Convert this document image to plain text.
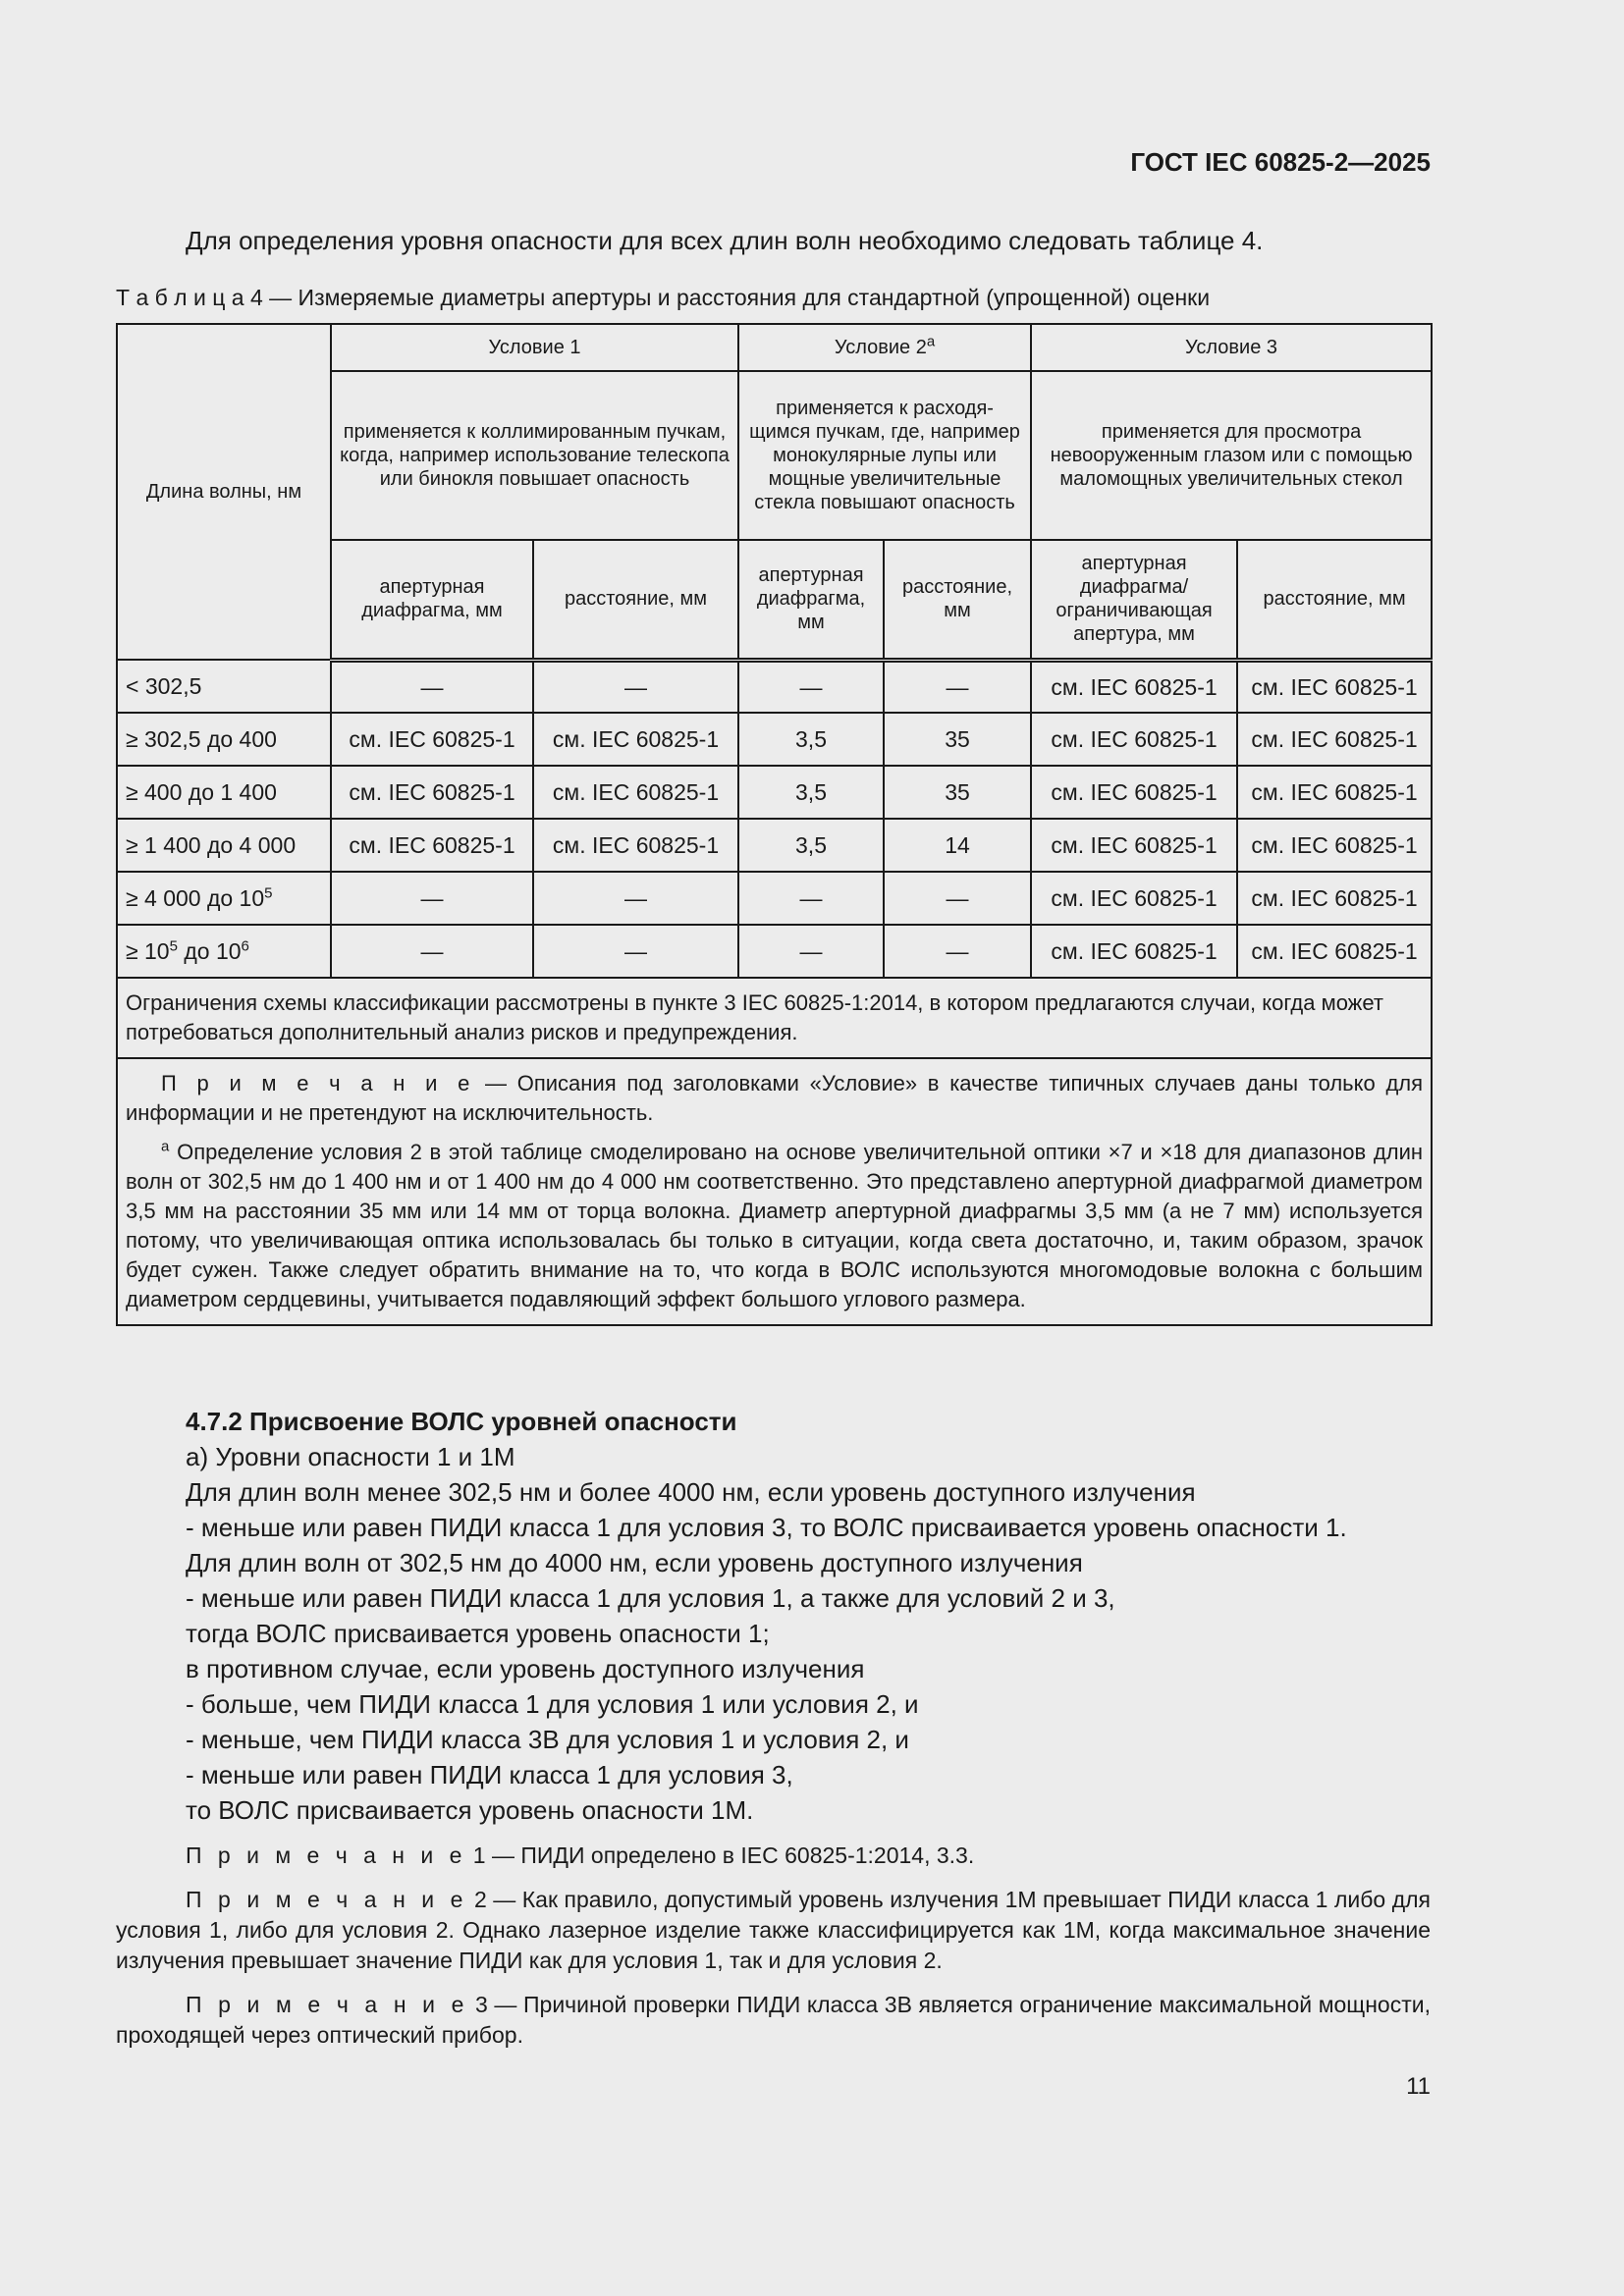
ГОСТ IEC 60825-2—2025
Для определения уровня опасности для всех длин волн необходимо следовать таблице 4.
Т а б л и ц а 4 — Измеряемые диаметры апертуры и расстояния для стандартной (упрощенной) оценки
Длина волны, нм	Условие 1		Условие 2$^a$		Условие 3	
	применяется к коллимированным пучкам, когда, например использование телескопа или бинокля повышает опасность		применяется к расходя-щимся пучкам, где, например монокулярные лупы или мощные увеличительные стекла повышают опасность		применяется для просмотра невооруженным глазом или с помощью маломощных увеличительных стекол	
	апертурная диафрагма, мм	расстояние, мм	апертурная диафрагма, мм	расстояние, мм	апертурная диафрагма/ ограничивающая апертура, мм	расстояние, мм
< 302,5	—	—	—	—	см. IEC 60825-1	см. IEC 60825-1
≥ 302,5 до 400	см. IEC 60825-1	см. IEC 60825-1	3,5	35	см. IEC 60825-1	см. IEC 60825-1
≥ 400 до 1 400	см. IEC 60825-1	см. IEC 60825-1	3,5	35	см. IEC 60825-1	см. IEC 60825-1
≥ 1 400 до 4 000	см. IEC 60825-1	см. IEC 60825-1	3,5	14	см. IEC 60825-1	см. IEC 60825-1
≥ 4 000 до $10^5$	—	—	—	—	см. IEC 60825-1	см. IEC 60825-1
≥ $10^5$ до $10^6$	—	—	—	—	см. IEC 60825-1	см. IEC 60825-1
Ограничения схемы классификации рассмотрены в пункте 3 IEC 60825-1:2014, в котором предлагаются случаи, когда может потребоваться дополнительный анализ рисков и предупреждения.						

П р и м е ч а н и е — Описания под заголовками «Условие» в качестве типичных случаев даны только для информации и не претендуют на исключительность.

$^a$ Определение условия 2 в этой таблице смоделировано на основе увеличительной оптики ×7 и ×18 для диапазонов длин волн от 302,5 нм до 1 400 нм и от 1 400 нм до 4 000 нм соответственно. Это представлено апертурной диафрагмой диаметром 3,5 мм на расстоянии 35 мм или 14 мм от торца волокна. Диаметр апертурной диафрагмы 3,5 мм (а не 7 мм) используется потому, что увеличивающая оптика использовалась бы только в ситуации, когда света достаточно, и, таким образом, зрачок будет сужен. Также следует обратить внимание на то, что когда в ВОЛС используются многомодовые волокна с большим диаметром сердцевины, учитывается подавляющий эффект большого углового размера.						

4.7.2 Присвоение ВОЛС уровней опасности

а) Уровни опасности 1 и 1М

Для длин волн менее 302,5 нм и более 4000 нм, если уровень доступного излучения

- меньше или равен ПИДИ класса 1 для условия 3, то ВОЛС присваивается уровень опасности 1.

Для длин волн от 302,5 нм до 4000 нм, если уровень доступного излучения

- меньше или равен ПИДИ класса 1 для условия 1, а также для условий 2 и 3,

тогда ВОЛС присваивается уровень опасности 1;

в противном случае, если уровень доступного излучения

- больше, чем ПИДИ класса 1 для условия 1 или условия 2, и

- меньше, чем ПИДИ класса 3В для условия 1 и условия 2, и

- меньше или равен ПИДИ класса 1 для условия 3,

то ВОЛС присваивается уровень опасности 1М.

П р и м е ч а н и е 1 — ПИДИ определено в IEC 60825-1:2014, 3.3.

П р и м е ч а н и е 2 — Как правило, допустимый уровень излучения 1М превышает ПИДИ класса 1 либо для условия 1, либо для условия 2. Однако лазерное изделие также классифицируется как 1М, когда максимальное значение излучения превышает значение ПИДИ как для условия 1, так и для условия 2.

П р и м е ч а н и е 3 — Причиной проверки ПИДИ класса 3В является ограничение максимальной мощности, проходящей через оптический прибор.

11
